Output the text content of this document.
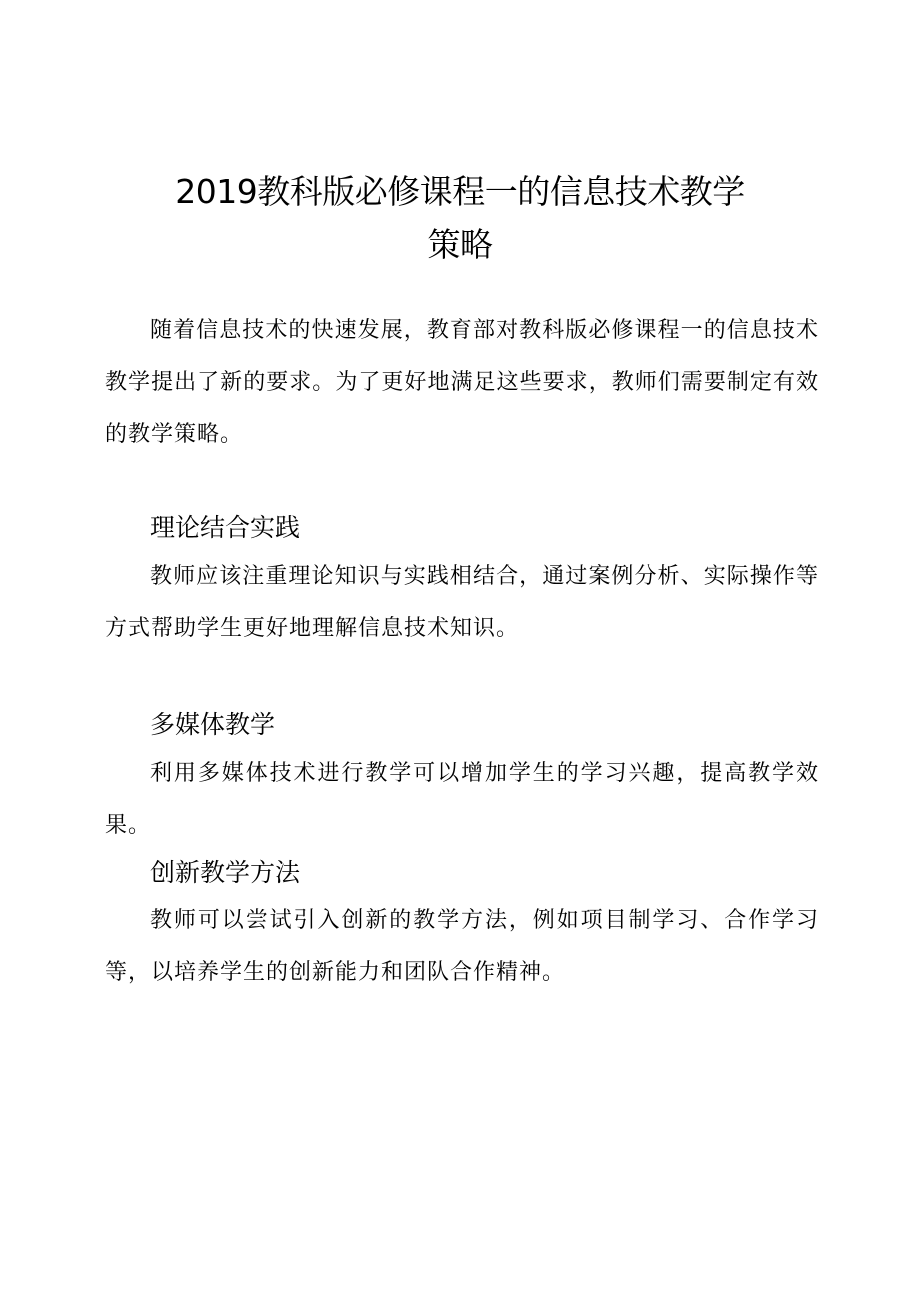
2019教科版必修课程一的信息技术教学
策略

随着信息技术的快速发展，教育部对教科版必修课程一的信息技术教学提出了新的要求。为了更好地满足这些要求，教师们需要制定有效的教学策略。

理论结合实践

教师应该注重理论知识与实践相结合，通过案例分析、实际操作等方式帮助学生更好地理解信息技术知识。

多媒体教学

利用多媒体技术进行教学可以增加学生的学习兴趣，提高教学效果。

创新教学方法

教师可以尝试引入创新的教学方法，例如项目制学习、合作学习等，以培养学生的创新能力和团队合作精神。
